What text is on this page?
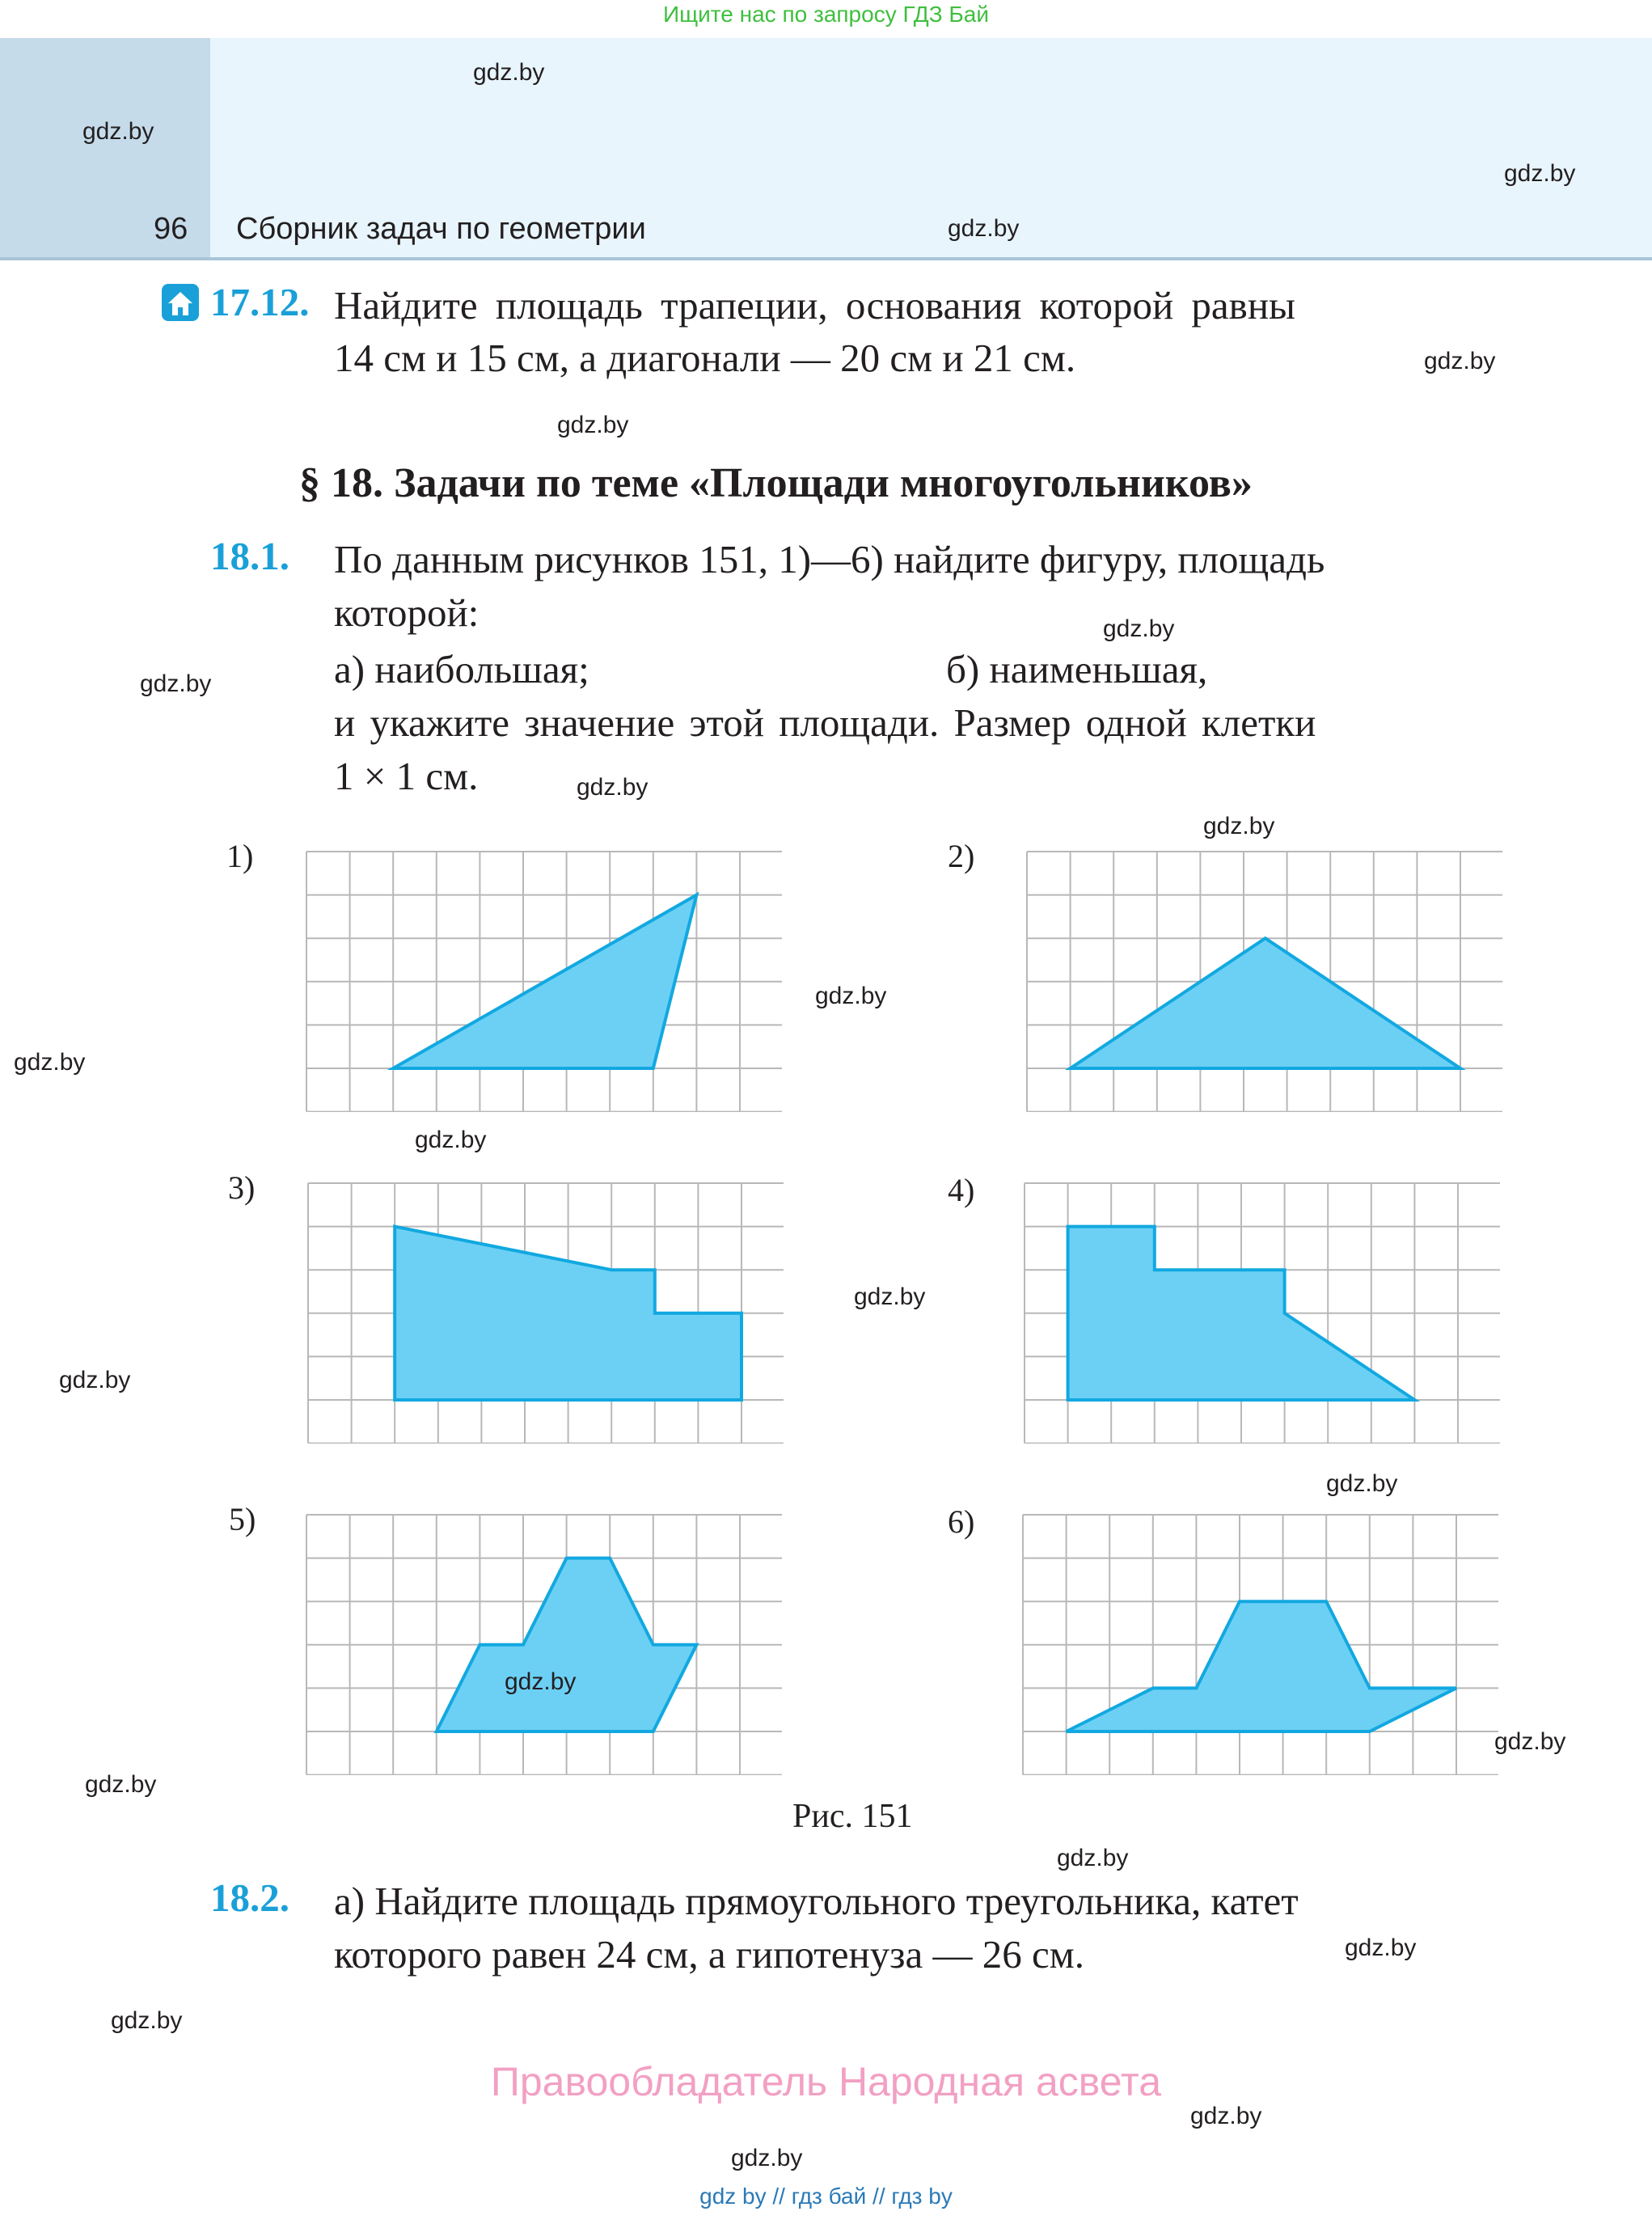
Ищите нас по запросу ГДЗ Бай
96 Сборник задач по геометрии
17.12. Найдите площадь трапеции, основания которой равны
14 см и 15 см, а диагонали — 20 см и 21 см.
§ 18. Задачи по теме «Площади многоугольников»
18.1. По данным рисунков 151, 1)—6) найдите фигуру, площадь
которой:
а) наибольшая;	б) наименьшая,
и укажите значение этой площади. Размер одной клетки
1 × 1 см.
1)	2)
3)	4)
5)	6)
Рис. 151
18.2. а) Найдите площадь прямоугольного треугольника, катет
которого равен 24 см, а гипотенуза — 26 см.
gdz.by
gdz.by
gdz.by
gdz.by
gdz.by
gdz.by
gdz.by
gdz.by
gdz.by
gdz.by
gdz.by
gdz.by
gdz.by
gdz.by
gdz.by
gdz.by
gdz.by
gdz.by
gdz.by
gdz.by
gdz.by
gdz.by
gdz.by
gdz.by
Правообладатель Народная асвета
gdz by // гдз бай // гдз by
